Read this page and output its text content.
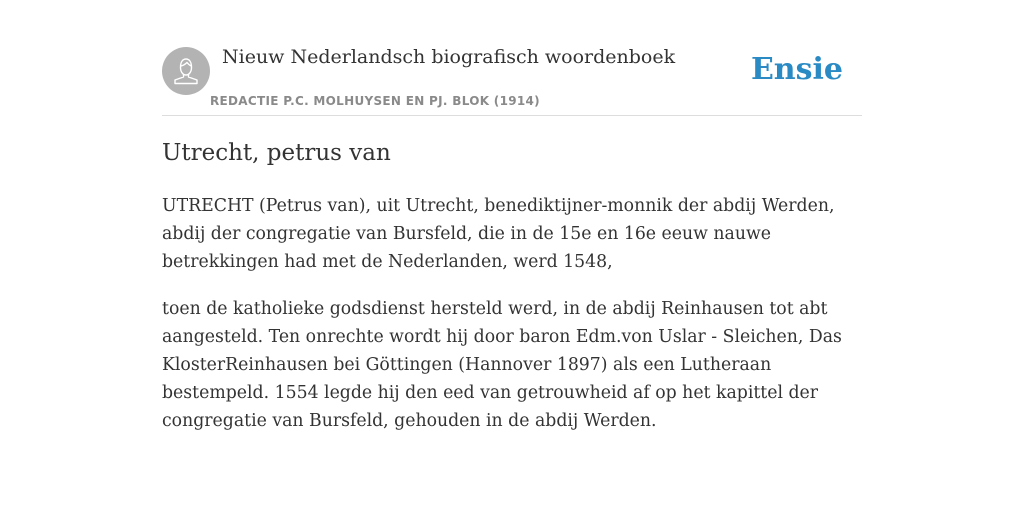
Nieuw Nederlandsch biografisch woordenboek
REDACTIE P.C. MOLHUYSEN EN PJ. BLOK (1914)
Ensie
Utrecht, petrus van

UTRECHT (Petrus van), uit Utrecht, benediktijner-monnik der abdij Werden, abdij der congregatie van Bursfeld, die in de 15e en 16e eeuw nauwe betrekkingen had met de Nederlanden, werd 1548,

toen de katholieke godsdienst hersteld werd, in de abdij Reinhausen tot abt aangesteld. Ten onrechte wordt hij door baron Edm.von Uslar - Sleichen, Das KlosterReinhausen bei Göttingen (Hannover 1897) als een Lutheraan bestempeld. 1554 legde hij den eed van getrouwheid af op het kapittel der congregatie van Bursfeld, gehouden in de abdij Werden.
